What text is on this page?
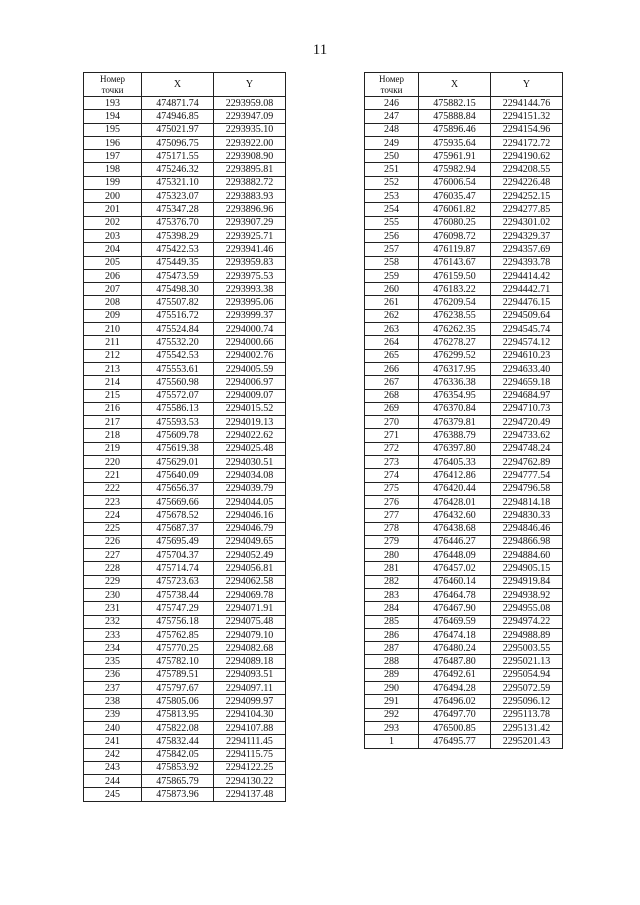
11
Номер
точки	X	Y
193	474871.74	2293959.08
194	474946.85	2293947.09
195	475021.97	2293935.10
196	475096.75	2293922.00
197	475171.55	2293908.90
198	475246.32	2293895.81
199	475321.10	2293882.72
200	475323.07	2293883.93
201	475347.28	2293896.96
202	475376.70	2293907.29
203	475398.29	2293925.71
204	475422.53	2293941.46
205	475449.35	2293959.83
206	475473.59	2293975.53
207	475498.30	2293993.38
208	475507.82	2293995.06
209	475516.72	2293999.37
210	475524.84	2294000.74
211	475532.20	2294000.66
212	475542.53	2294002.76
213	475553.61	2294005.59
214	475560.98	2294006.97
215	475572.07	2294009.07
216	475586.13	2294015.52
217	475593.53	2294019.13
218	475609.78	2294022.62
219	475619.38	2294025.48
220	475629.01	2294030.51
221	475640.09	2294034.08
222	475656.37	2294039.79
223	475669.66	2294044.05
224	475678.52	2294046.16
225	475687.37	2294046.79
226	475695.49	2294049.65
227	475704.37	2294052.49
228	475714.74	2294056.81
229	475723.63	2294062.58
230	475738.44	2294069.78
231	475747.29	2294071.91
232	475756.18	2294075.48
233	475762.85	2294079.10
234	475770.25	2294082.68
235	475782.10	2294089.18
236	475789.51	2294093.51
237	475797.67	2294097.11
238	475805.06	2294099.97
239	475813.95	2294104.30
240	475822.08	2294107.88
241	475832.44	2294111.45
242	475842.05	2294115.75
243	475853.92	2294122.25
244	475865.79	2294130.22
245	475873.96	2294137.48
Номер
точки	X	Y
246	475882.15	2294144.76
247	475888.84	2294151.32
248	475896.46	2294154.96
249	475935.64	2294172.72
250	475961.91	2294190.62
251	475982.94	2294208.55
252	476006.54	2294226.48
253	476035.47	2294252.15
254	476061.82	2294277.85
255	476080.25	2294301.02
256	476098.72	2294329.37
257	476119.87	2294357.69
258	476143.67	2294393.78
259	476159.50	2294414.42
260	476183.22	2294442.71
261	476209.54	2294476.15
262	476238.55	2294509.64
263	476262.35	2294545.74
264	476278.27	2294574.12
265	476299.52	2294610.23
266	476317.95	2294633.40
267	476336.38	2294659.18
268	476354.95	2294684.97
269	476370.84	2294710.73
270	476379.81	2294720.49
271	476388.79	2294733.62
272	476397.80	2294748.24
273	476405.33	2294762.89
274	476412.86	2294777.54
275	476420.44	2294796.58
276	476428.01	2294814.18
277	476432.60	2294830.33
278	476438.68	2294846.46
279	476446.27	2294866.98
280	476448.09	2294884.60
281	476457.02	2294905.15
282	476460.14	2294919.84
283	476464.78	2294938.92
284	476467.90	2294955.08
285	476469.59	2294974.22
286	476474.18	2294988.89
287	476480.24	2295003.55
288	476487.80	2295021.13
289	476492.61	2295054.94
290	476494.28	2295072.59
291	476496.02	2295096.12
292	476497.70	2295113.78
293	476500.85	2295131.42
1	476495.77	2295201.43
